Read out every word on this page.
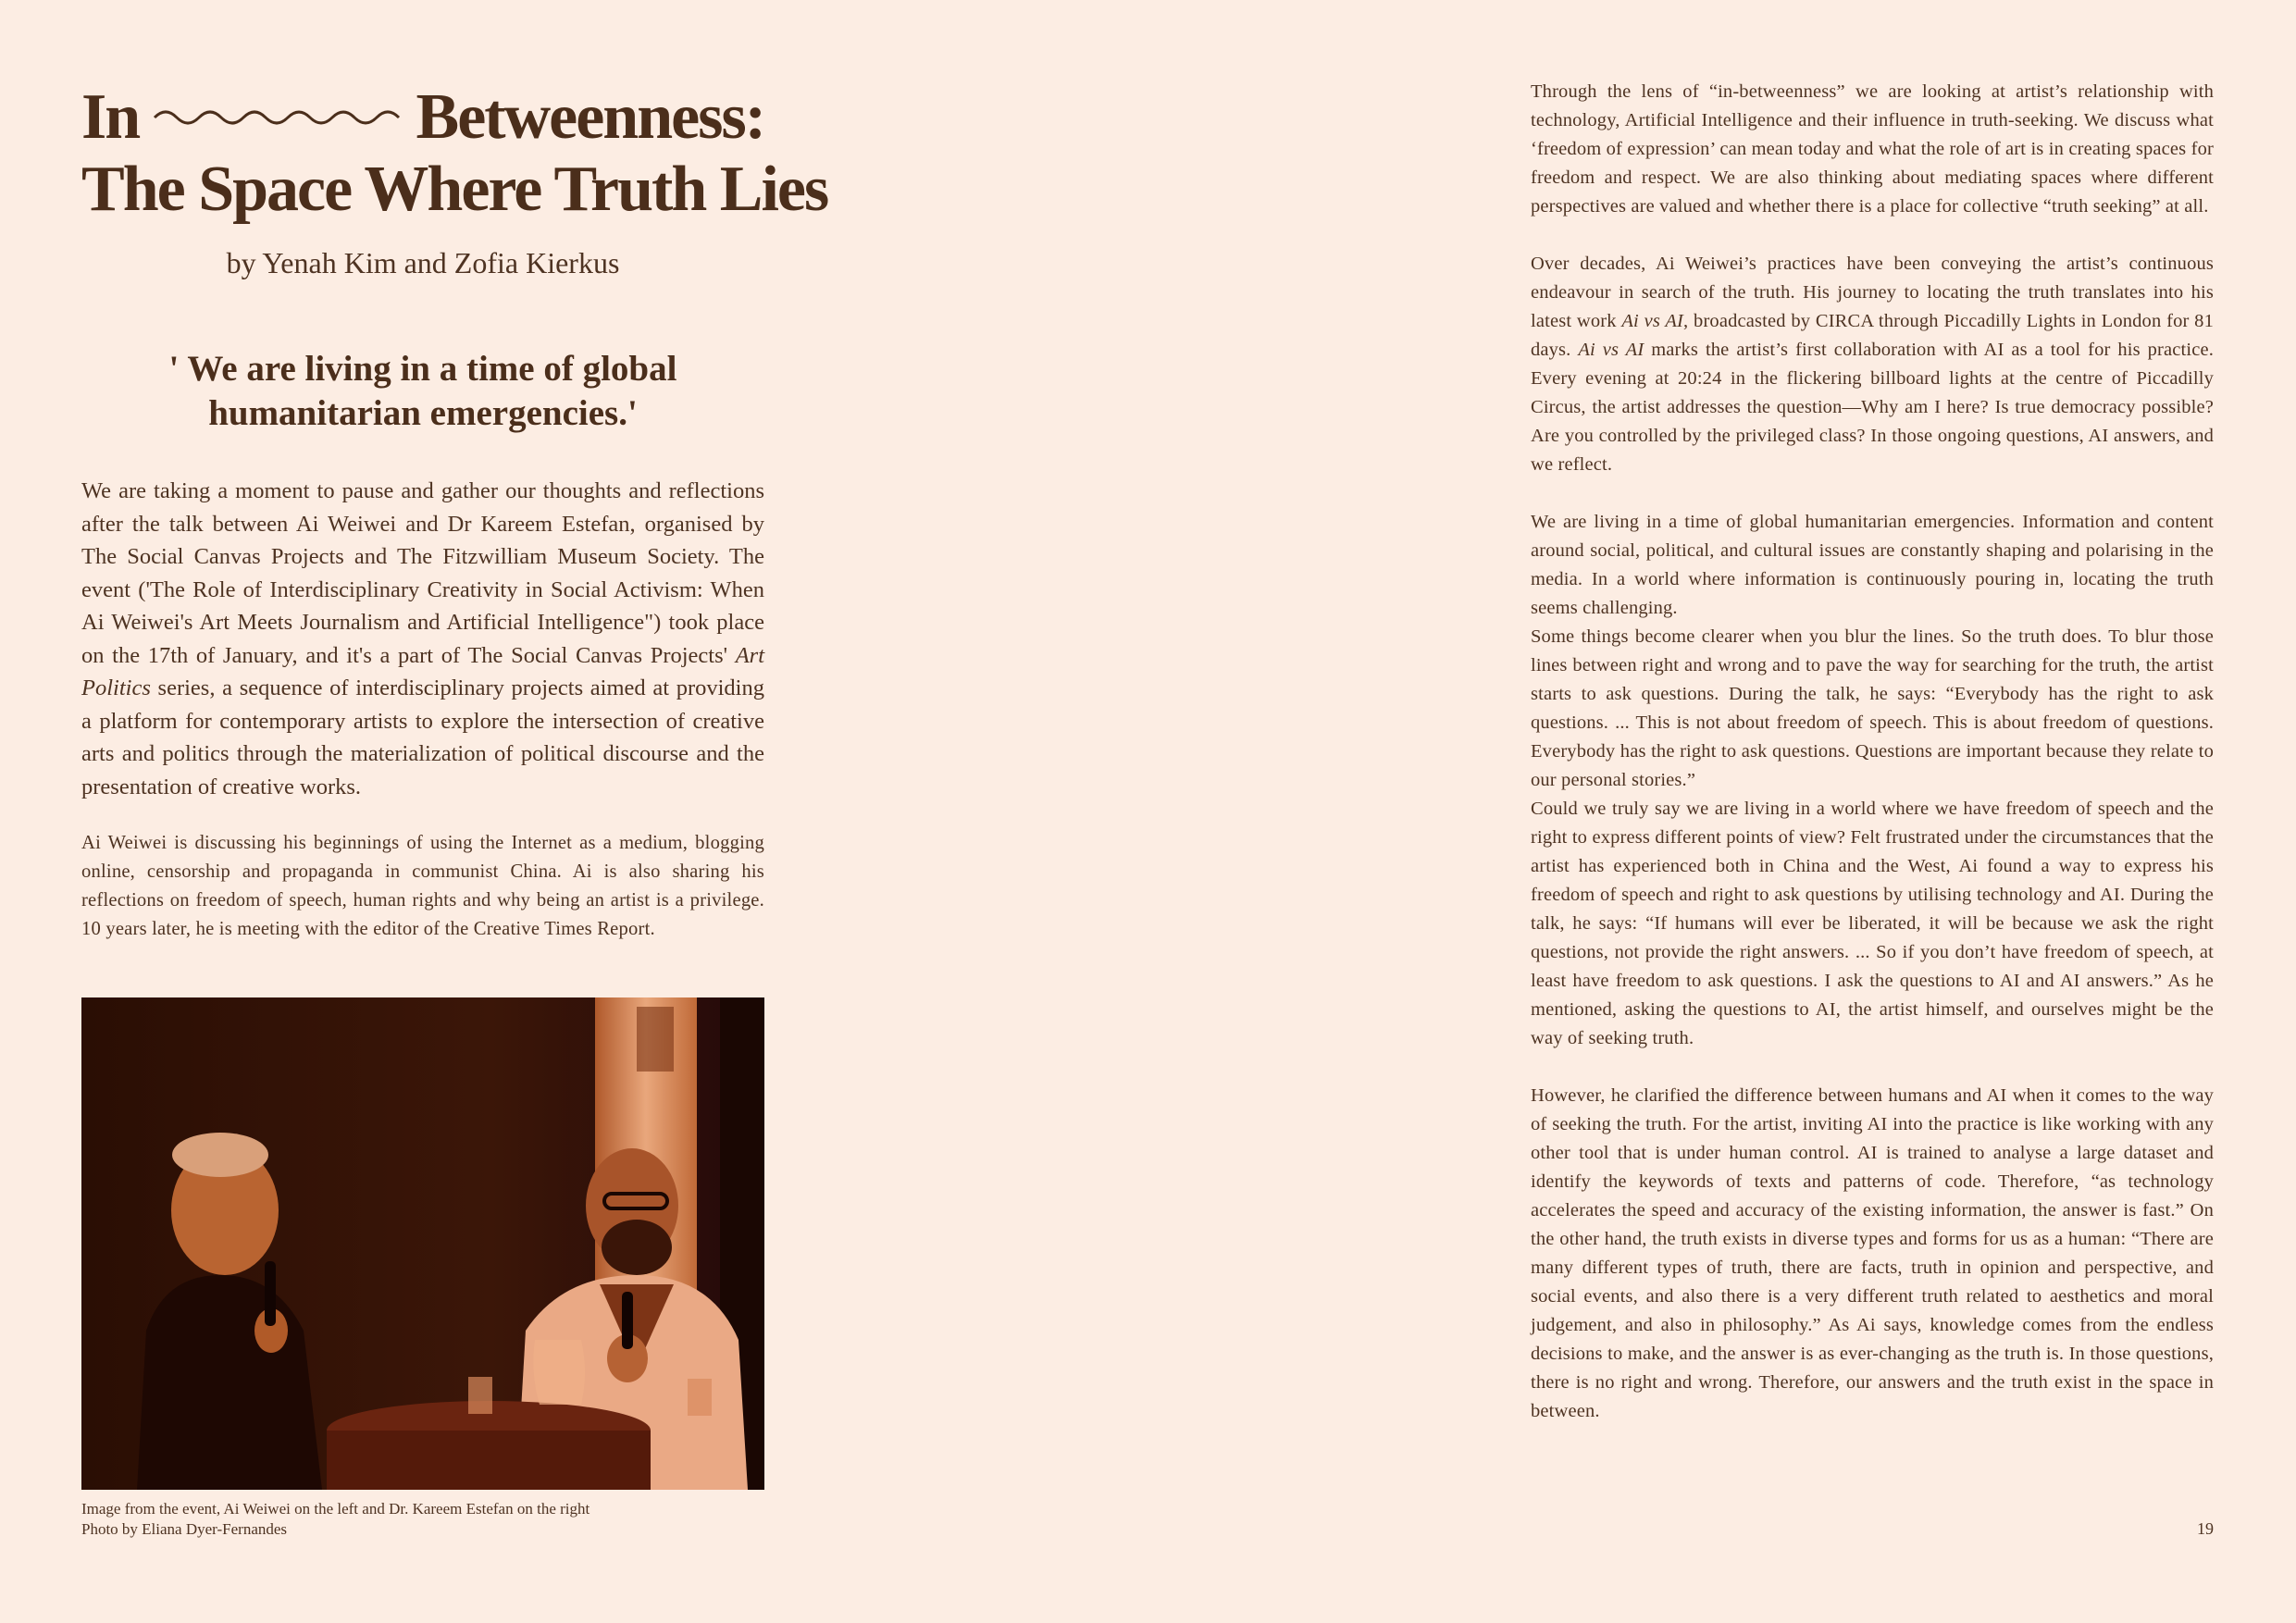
In	Betweenness:
The Space Where Truth Lies
by Yenah Kim and Zofia Kierkus
' We are living in a time of global
humanitarian emergencies.'

We are taking a moment to pause and gather our thoughts and reflections after the talk between Ai Weiwei and Dr Kareem Estefan, organised by The Social Canvas Projects and The Fitzwilliam Museum Society. The event ('The Role of Interdisciplinary Creativity in Social Activism: When Ai Weiwei's Art Meets Journalism and Artificial Intelligence") took place on the 17th of January, and it's a part of The Social Canvas Projects' Art Politics series, a sequence of interdisciplinary projects aimed at providing a platform for contemporary artists to explore the intersection of creative arts and politics through the materialization of political discourse and the presentation of creative works.

Ai Weiwei is discussing his beginnings of using the Internet as a medium, blogging online, censorship and propaganda in communist China. Ai is also sharing his reflections on freedom of speech, human rights and why being an artist is a privilege. 10 years later, he is meeting with the editor of the Creative Times Report.

Image from the event, Ai Weiwei on the left and Dr. Kareem Estefan on the right
Photo by Eliana Dyer-Fernandes

Through the lens of “in-betweenness” we are looking at artist’s relationship with technology, Artificial Intelligence and their influence in truth-seeking. We discuss what ‘freedom of expression’ can mean today and what the role of art is in creating spaces for freedom and respect. We are also thinking about mediating spaces where different perspectives are valued and whether there is a place for collective “truth seeking” at all.

Over decades, Ai Weiwei’s practices have been conveying the artist’s continuous endeavour in search of the truth. His journey to locating the truth translates into his latest work Ai vs AI, broadcasted by CIRCA through Piccadilly Lights in London for 81 days. Ai vs AI marks the artist’s first collaboration with AI as a tool for his practice. Every evening at 20:24 in the flickering billboard lights at the centre of Piccadilly Circus, the artist addresses the question—Why am I here? Is true democracy possible? Are you controlled by the privileged class? In those ongoing questions, AI answers, and we reflect.

We are living in a time of global humanitarian emergencies. Information and content around social, political, and cultural issues are constantly shaping and polarising in the media. In a world where information is continuously pouring in, locating the truth seems challenging.

Some things become clearer when you blur the lines. So the truth does. To blur those lines between right and wrong and to pave the way for searching for the truth, the artist starts to ask questions. During the talk, he says: “Everybody has the right to ask questions. ... This is not about freedom of speech. This is about freedom of questions. Everybody has the right to ask questions. Questions are important because they relate to our personal stories.”

Could we truly say we are living in a world where we have freedom of speech and the right to express different points of view? Felt frustrated under the circumstances that the artist has experienced both in China and the West, Ai found a way to express his freedom of speech and right to ask questions by utilising technology and AI. During the talk, he says: “If humans will ever be liberated, it will be because we ask the right questions, not provide the right answers. ... So if you don’t have freedom of speech, at least have freedom to ask questions. I ask the questions to AI and AI answers.” As he mentioned, asking the questions to AI, the artist himself, and ourselves might be the way of seeking truth.

However, he clarified the difference between humans and AI when it comes to the way of seeking the truth. For the artist, inviting AI into the practice is like working with any other tool that is under human control. AI is trained to analyse a large dataset and identify the keywords of texts and patterns of code. Therefore, “as technology accelerates the speed and accuracy of the existing information, the answer is fast.” On the other hand, the truth exists in diverse types and forms for us as a human: “There are many different types of truth, there are facts, truth in opinion and perspective, and social events, and also there is a very different truth related to aesthetics and moral judgement, and also in philosophy.” As Ai says, knowledge comes from the endless decisions to make, and the answer is as ever-changing as the truth is. In those questions, there is no right and wrong. Therefore, our answers and the truth exist in the space in between.

19
